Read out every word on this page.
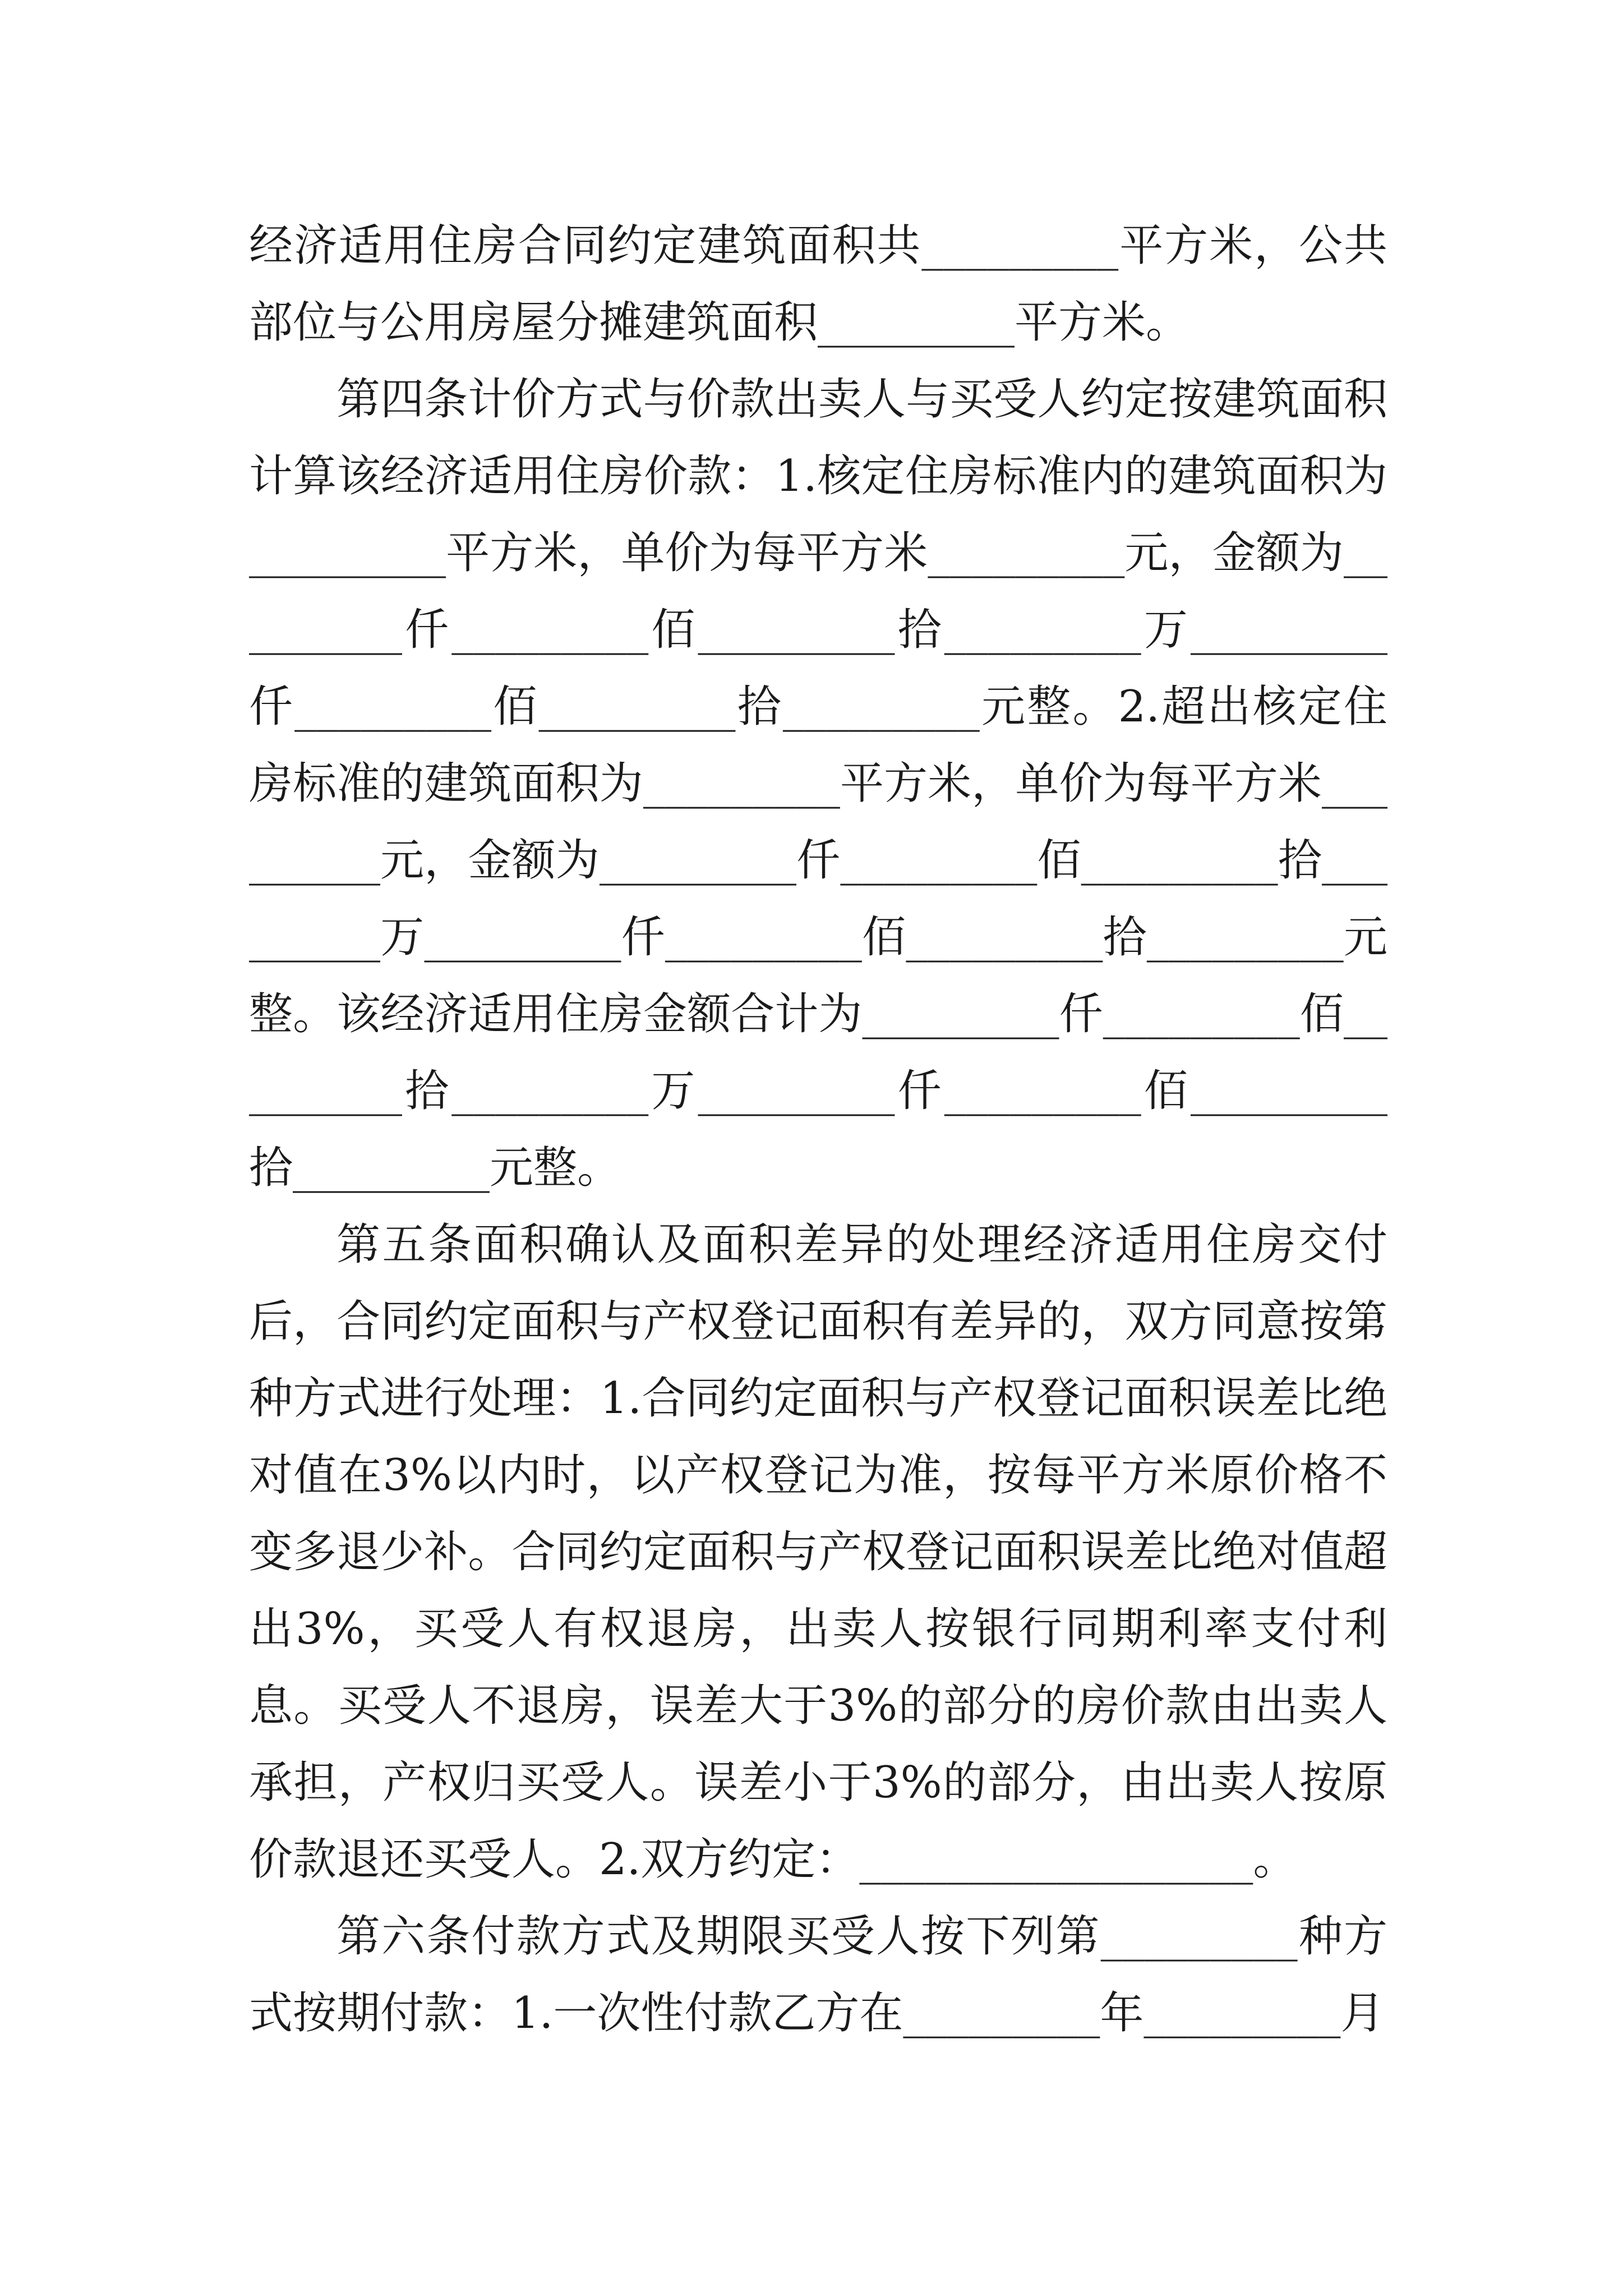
经济适用住房合同约定建筑面积共_________平方米，公共部位与公用房屋分摊建筑面积_________平方米。

第四条计价方式与价款出卖人与买受人约定按建筑面积计算该经济适用住房价款：1.核定住房标准内的建筑面积为_________平方米，单价为每平方米_________元，金额为_________仟_________佰_________拾_________万_________仟_________佰_________拾_________元整。2.超出核定住房标准的建筑面积为_________平方米，单价为每平方米_________元，金额为_________仟_________佰_________拾_________万_________仟_________佰_________拾_________元整。该经济适用住房金额合计为_________仟_________佰_________拾_________万_________仟_________佰_________拾_________元整。

第五条面积确认及面积差异的处理经济适用住房交付后，合同约定面积与产权登记面积有差异的，双方同意按第种方式进行处理：1.合同约定面积与产权登记面积误差比绝对值在3%以内时，以产权登记为准，按每平方米原价格不变多退少补。合同约定面积与产权登记面积误差比绝对值超出3%，买受人有权退房，出卖人按银行同期利率支付利息。买受人不退房，误差大于3%的部分的房价款由出卖人承担，产权归买受人。误差小于3%的部分，由出卖人按原价款退还买受人。2.双方约定：__________________。

第六条付款方式及期限买受人按下列第_________种方式按期付款：1.一次性付款乙方在_________年_________月
